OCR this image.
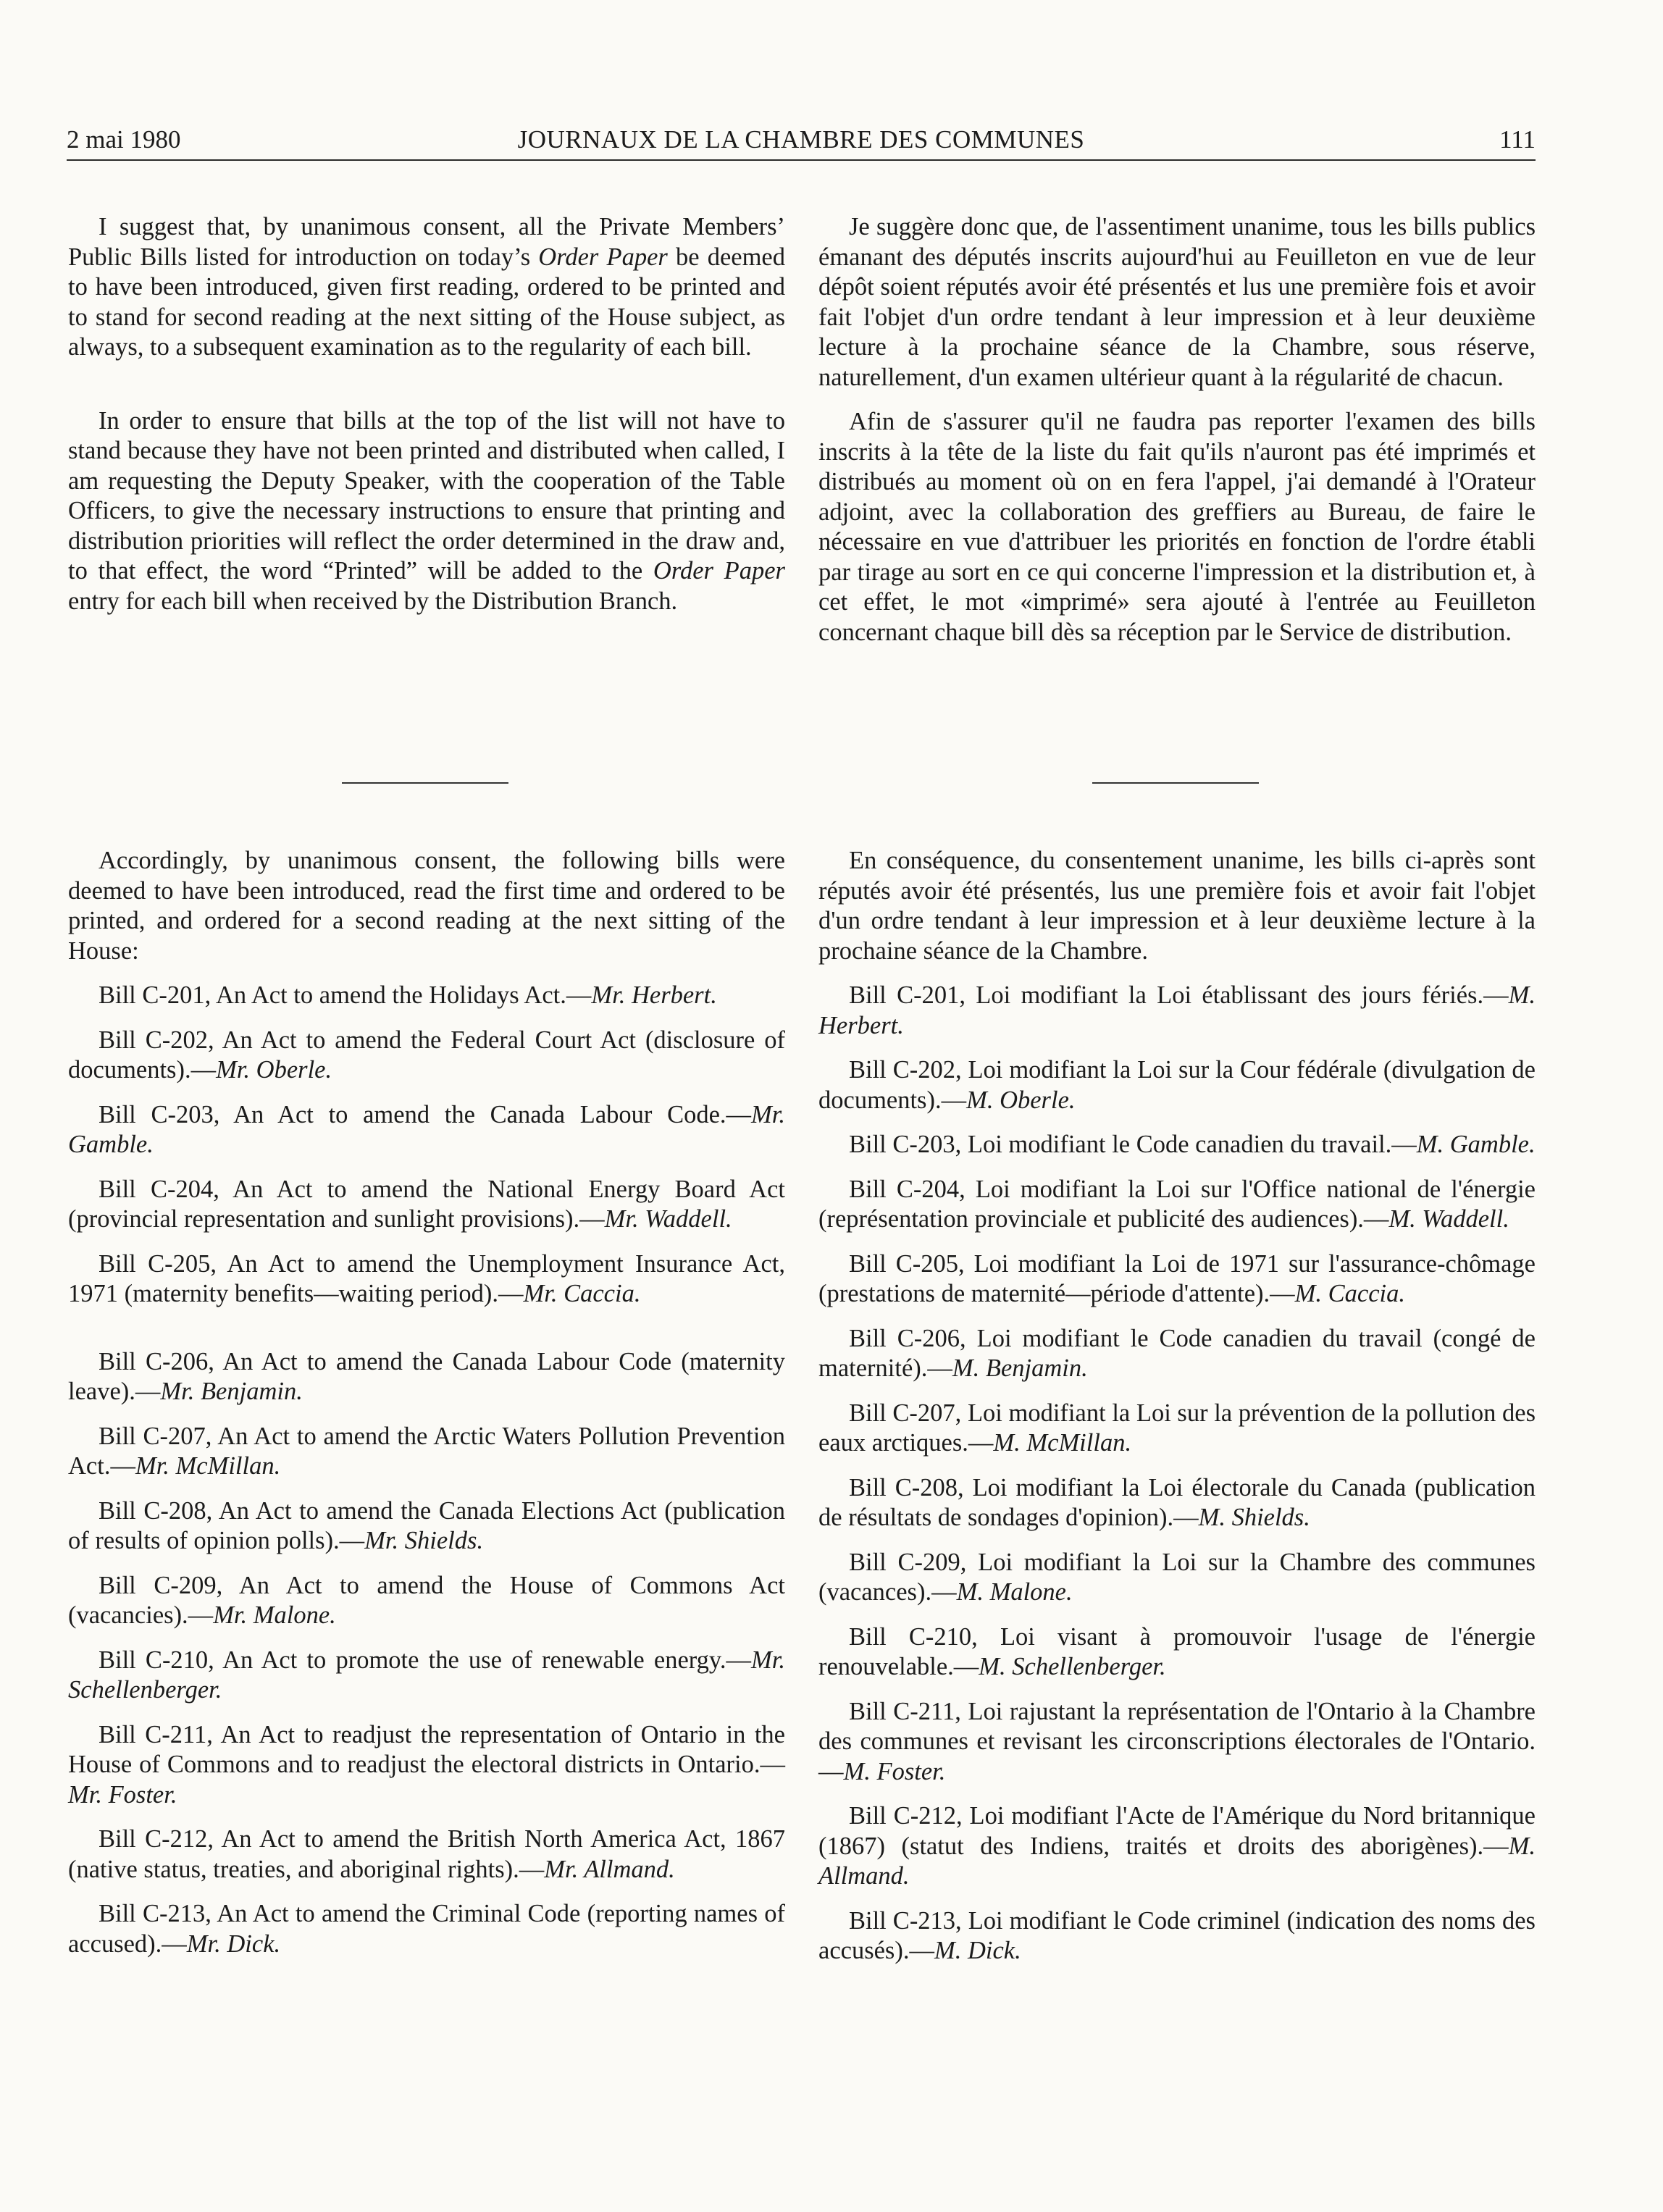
2 mai 1980	JOURNAUX DE LA CHAMBRE DES COMMUNES	111

I suggest that, by unanimous consent, all the Private Members’ Public Bills listed for introduction on today’s Order Paper be deemed to have been introduced, given first reading, ordered to be printed and to stand for second reading at the next sitting of the House subject, as always, to a subsequent examination as to the regularity of each bill.

In order to ensure that bills at the top of the list will not have to stand because they have not been printed and distributed when called, I am requesting the Deputy Speaker, with the cooperation of the Table Officers, to give the necessary instructions to ensure that printing and distribution priorities will reflect the order determined in the draw and, to that effect, the word “Printed” will be added to the Order Paper entry for each bill when received by the Distribution Branch.

Je suggère donc que, de l'assentiment unanime, tous les bills publics émanant des députés inscrits aujourd'hui au Feuilleton en vue de leur dépôt soient réputés avoir été présentés et lus une première fois et avoir fait l'objet d'un ordre tendant à leur impression et à leur deuxième lecture à la prochaine séance de la Chambre, sous réserve, naturellement, d'un examen ultérieur quant à la régularité de chacun.

Afin de s'assurer qu'il ne faudra pas reporter l'examen des bills inscrits à la tête de la liste du fait qu'ils n'auront pas été imprimés et distribués au moment où on en fera l'appel, j'ai demandé à l'Orateur adjoint, avec la collaboration des greffiers au Bureau, de faire le nécessaire en vue d'attribuer les priorités en fonction de l'ordre établi par tirage au sort en ce qui concerne l'impression et la distribution et, à cet effet, le mot «imprimé» sera ajouté à l'entrée au Feuilleton concernant chaque bill dès sa réception par le Service de distribution.

Accordingly, by unanimous consent, the following bills were deemed to have been introduced, read the first time and ordered to be printed, and ordered for a second reading at the next sitting of the House:

Bill C-201, An Act to amend the Holidays Act.—Mr. Herbert.

Bill C-202, An Act to amend the Federal Court Act (disclosure of documents).—Mr. Oberle.

Bill C-203, An Act to amend the Canada Labour Code.—Mr. Gamble.

Bill C-204, An Act to amend the National Energy Board Act (provincial representation and sunlight provisions).—Mr. Waddell.

Bill C-205, An Act to amend the Unemployment Insurance Act, 1971 (maternity benefits—waiting period).—Mr. Caccia.

Bill C-206, An Act to amend the Canada Labour Code (maternity leave).—Mr. Benjamin.

Bill C-207, An Act to amend the Arctic Waters Pollution Prevention Act.—Mr. McMillan.

Bill C-208, An Act to amend the Canada Elections Act (publication of results of opinion polls).—Mr. Shields.

Bill C-209, An Act to amend the House of Commons Act (vacancies).—Mr. Malone.

Bill C-210, An Act to promote the use of renewable energy.—Mr. Schellenberger.

Bill C-211, An Act to readjust the representation of Ontario in the House of Commons and to readjust the electoral districts in Ontario.—Mr. Foster.

Bill C-212, An Act to amend the British North America Act, 1867 (native status, treaties, and aboriginal rights).—Mr. Allmand.

Bill C-213, An Act to amend the Criminal Code (reporting names of accused).—Mr. Dick.

En conséquence, du consentement unanime, les bills ci-après sont réputés avoir été présentés, lus une première fois et avoir fait l'objet d'un ordre tendant à leur impression et à leur deuxième lecture à la prochaine séance de la Chambre.

Bill C-201, Loi modifiant la Loi établissant des jours fériés.—M. Herbert.

Bill C-202, Loi modifiant la Loi sur la Cour fédérale (divulgation de documents).—M. Oberle.

Bill C-203, Loi modifiant le Code canadien du travail.—M. Gamble.

Bill C-204, Loi modifiant la Loi sur l'Office national de l'énergie (représentation provinciale et publicité des audiences).—M. Waddell.

Bill C-205, Loi modifiant la Loi de 1971 sur l'assurance-chômage (prestations de maternité—période d'attente).—M. Caccia.

Bill C-206, Loi modifiant le Code canadien du travail (congé de maternité).—M. Benjamin.

Bill C-207, Loi modifiant la Loi sur la prévention de la pollution des eaux arctiques.—M. McMillan.

Bill C-208, Loi modifiant la Loi électorale du Canada (publication de résultats de sondages d'opinion).—M. Shields.

Bill C-209, Loi modifiant la Loi sur la Chambre des communes (vacances).—M. Malone.

Bill C-210, Loi visant à promouvoir l'usage de l'énergie renouvelable.—M. Schellenberger.

Bill C-211, Loi rajustant la représentation de l'Ontario à la Chambre des communes et revisant les circonscriptions électorales de l'Ontario.—M. Foster.

Bill C-212, Loi modifiant l'Acte de l'Amérique du Nord britannique (1867) (statut des Indiens, traités et droits des aborigènes).—M. Allmand.

Bill C-213, Loi modifiant le Code criminel (indication des noms des accusés).—M. Dick.
